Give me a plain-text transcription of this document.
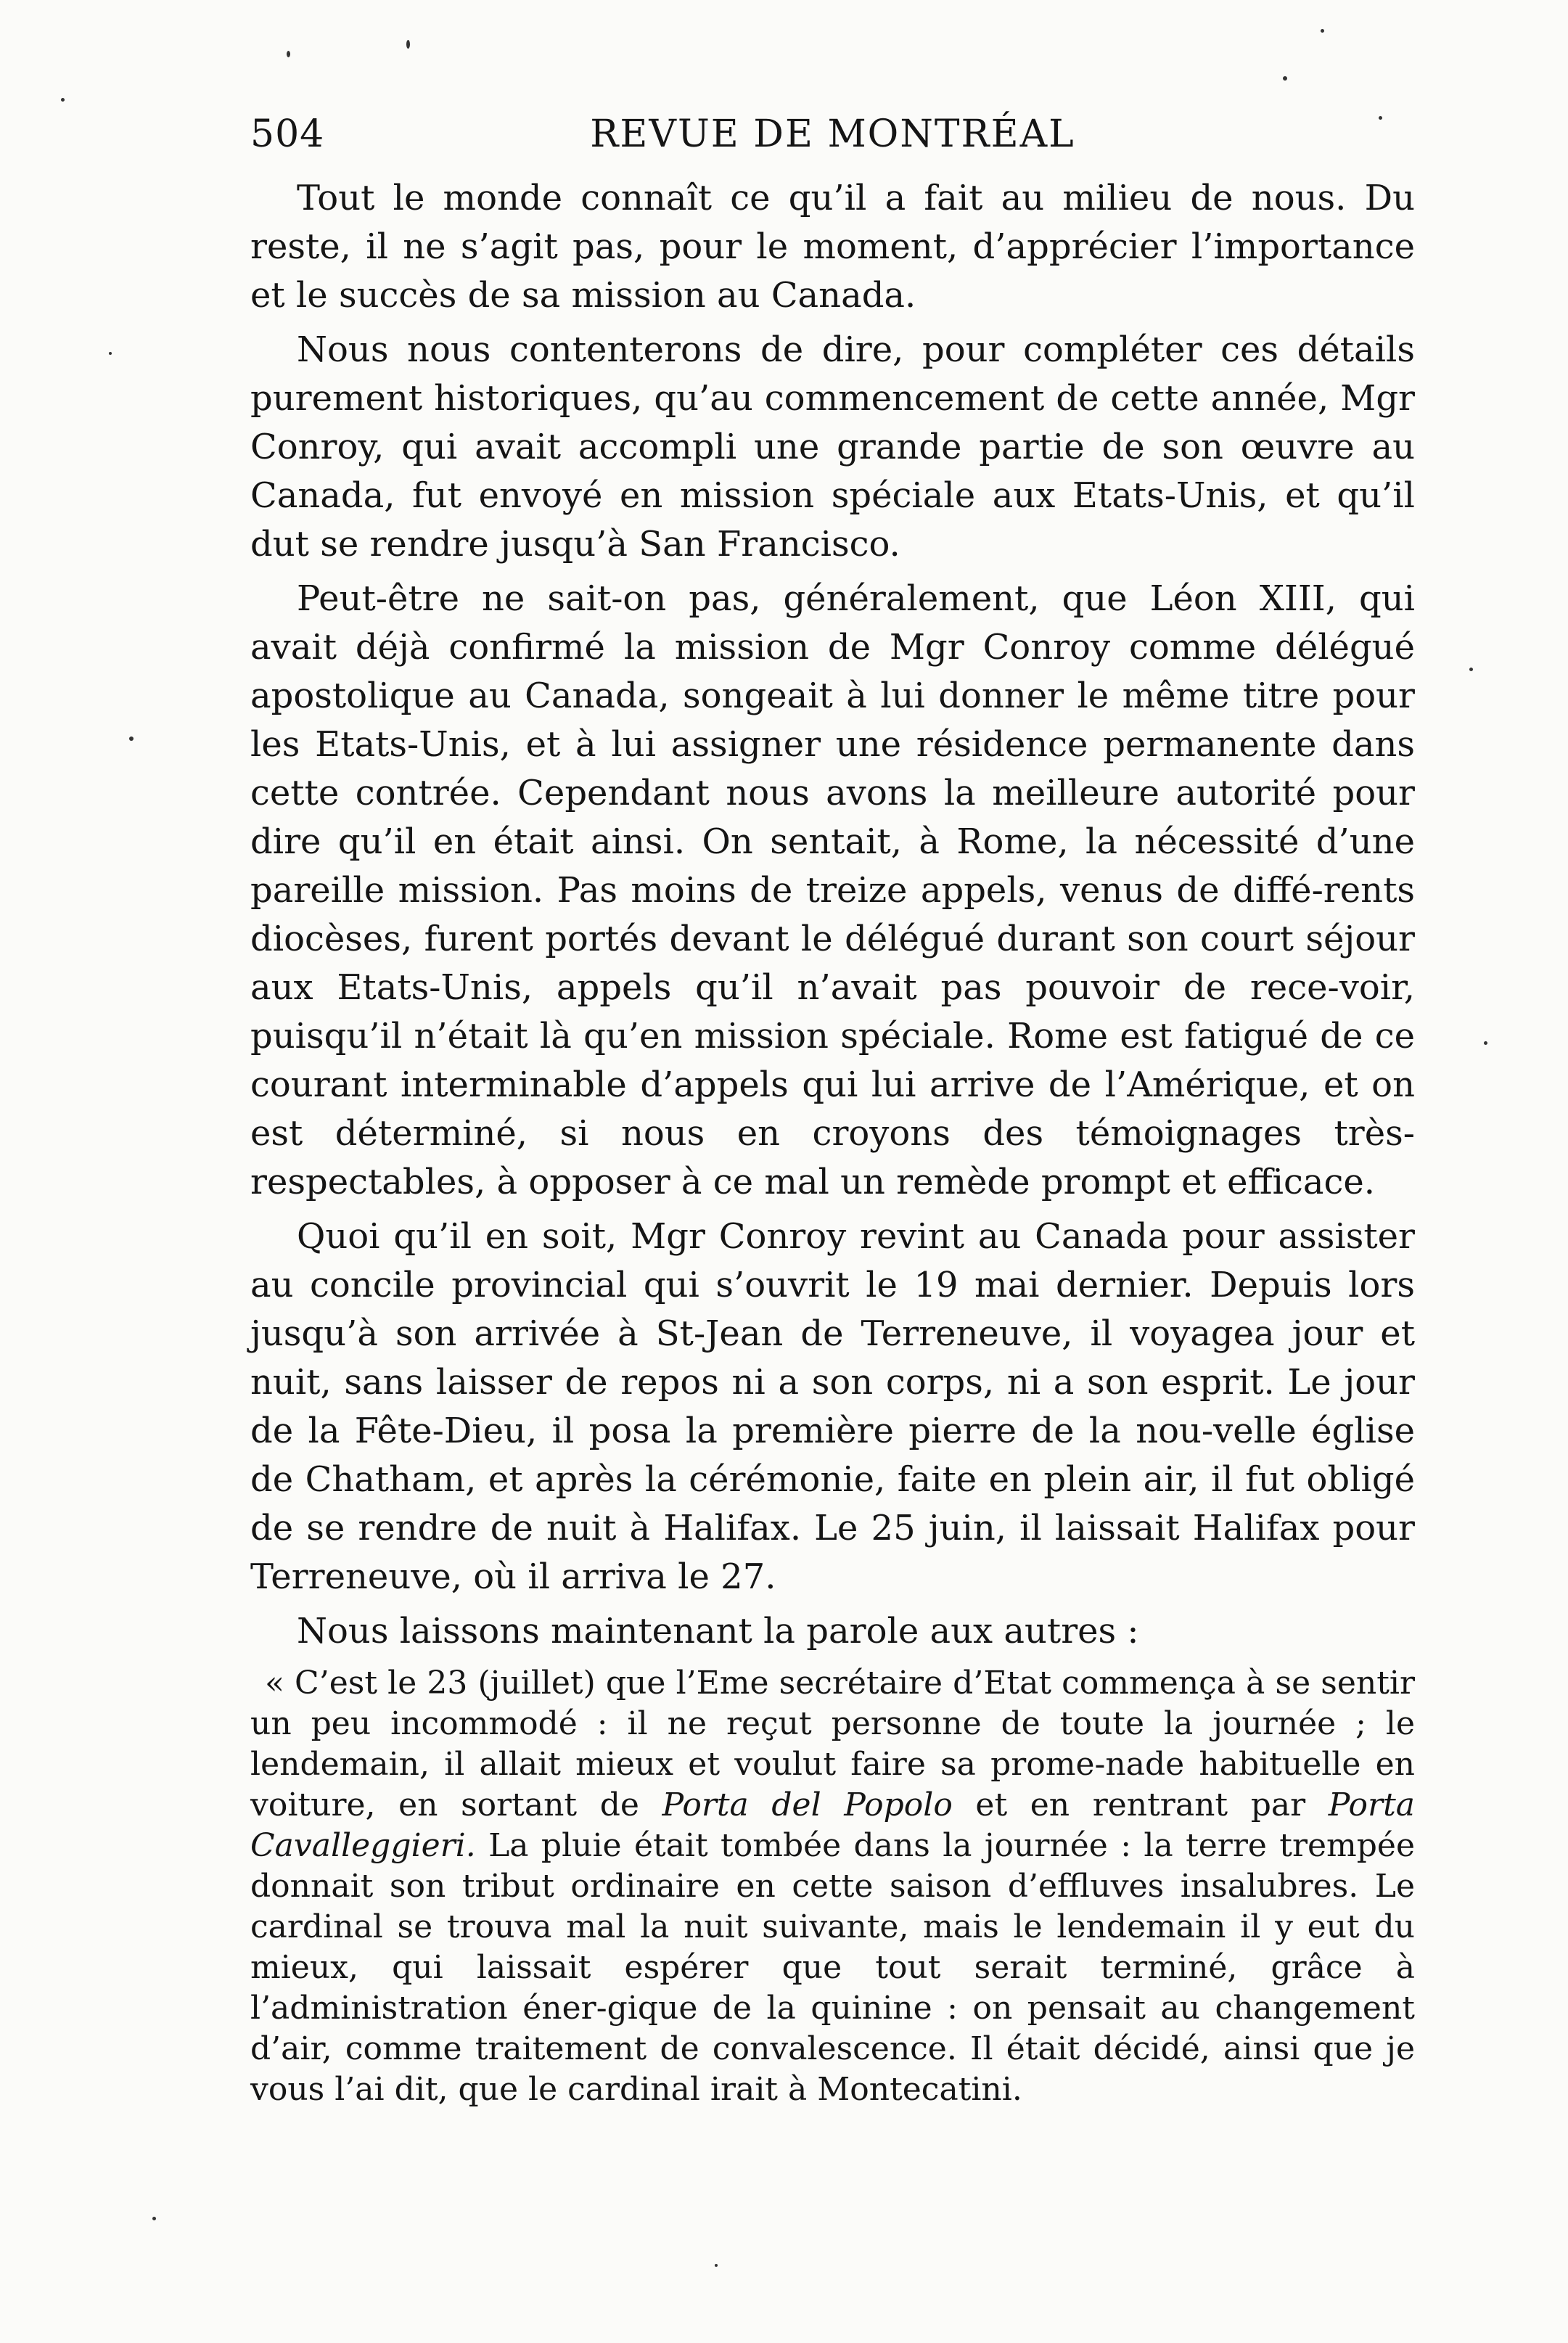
504	REVUE DE MONTRÉAL

Tout le monde connaît ce qu’il a fait au milieu de nous. Du reste, il ne s’agit pas, pour le moment, d’apprécier l’importance et le succès de sa mission au Canada.

Nous nous contenterons de dire, pour compléter ces détails purement historiques, qu’au commencement de cette année, Mgr Conroy, qui avait accompli une grande partie de son œuvre au Canada, fut envoyé en mission spéciale aux Etats-Unis, et qu’il dut se rendre jusqu’à San Francisco.

Peut-être ne sait-on pas, généralement, que Léon XIII, qui avait déjà confirmé la mission de Mgr Conroy comme délégué apostolique au Canada, songeait à lui donner le même titre pour les Etats-Unis, et à lui assigner une résidence permanente dans cette contrée. Cependant nous avons la meilleure autorité pour dire qu’il en était ainsi. On sentait, à Rome, la nécessité d’une pareille mission. Pas moins de treize appels, venus de diffé-rents diocèses, furent portés devant le délégué durant son court séjour aux Etats-Unis, appels qu’il n’avait pas pouvoir de rece-voir, puisqu’il n’était là qu’en mission spéciale. Rome est fatigué de ce courant interminable d’appels qui lui arrive de l’Amérique, et on est déterminé, si nous en croyons des témoignages très-respectables, à opposer à ce mal un remède prompt et efficace.

Quoi qu’il en soit, Mgr Conroy revint au Canada pour assister au concile provincial qui s’ouvrit le 19 mai dernier. Depuis lors jusqu’à son arrivée à St-Jean de Terreneuve, il voyagea jour et nuit, sans laisser de repos ni a son corps, ni a son esprit. Le jour de la Fête-Dieu, il posa la première pierre de la nou-velle église de Chatham, et après la cérémonie, faite en plein air, il fut obligé de se rendre de nuit à Halifax. Le 25 juin, il laissait Halifax pour Terreneuve, où il arriva le 27.

Nous laissons maintenant la parole aux autres :

« C’est le 23 (juillet) que l’Eme secrétaire d’Etat commença à se sentir un peu incommodé : il ne reçut personne de toute la journée ; le lendemain, il allait mieux et voulut faire sa prome-nade habituelle en voiture, en sortant de Porta del Popolo et en rentrant par Porta Cavalleggieri. La pluie était tombée dans la journée : la terre trempée donnait son tribut ordinaire en cette saison d’effluves insalubres. Le cardinal se trouva mal la nuit suivante, mais le lendemain il y eut du mieux, qui laissait espérer que tout serait terminé, grâce à l’administration éner-gique de la quinine : on pensait au changement d’air, comme traitement de convalescence. Il était décidé, ainsi que je vous l’ai dit, que le cardinal irait à Montecatini.
